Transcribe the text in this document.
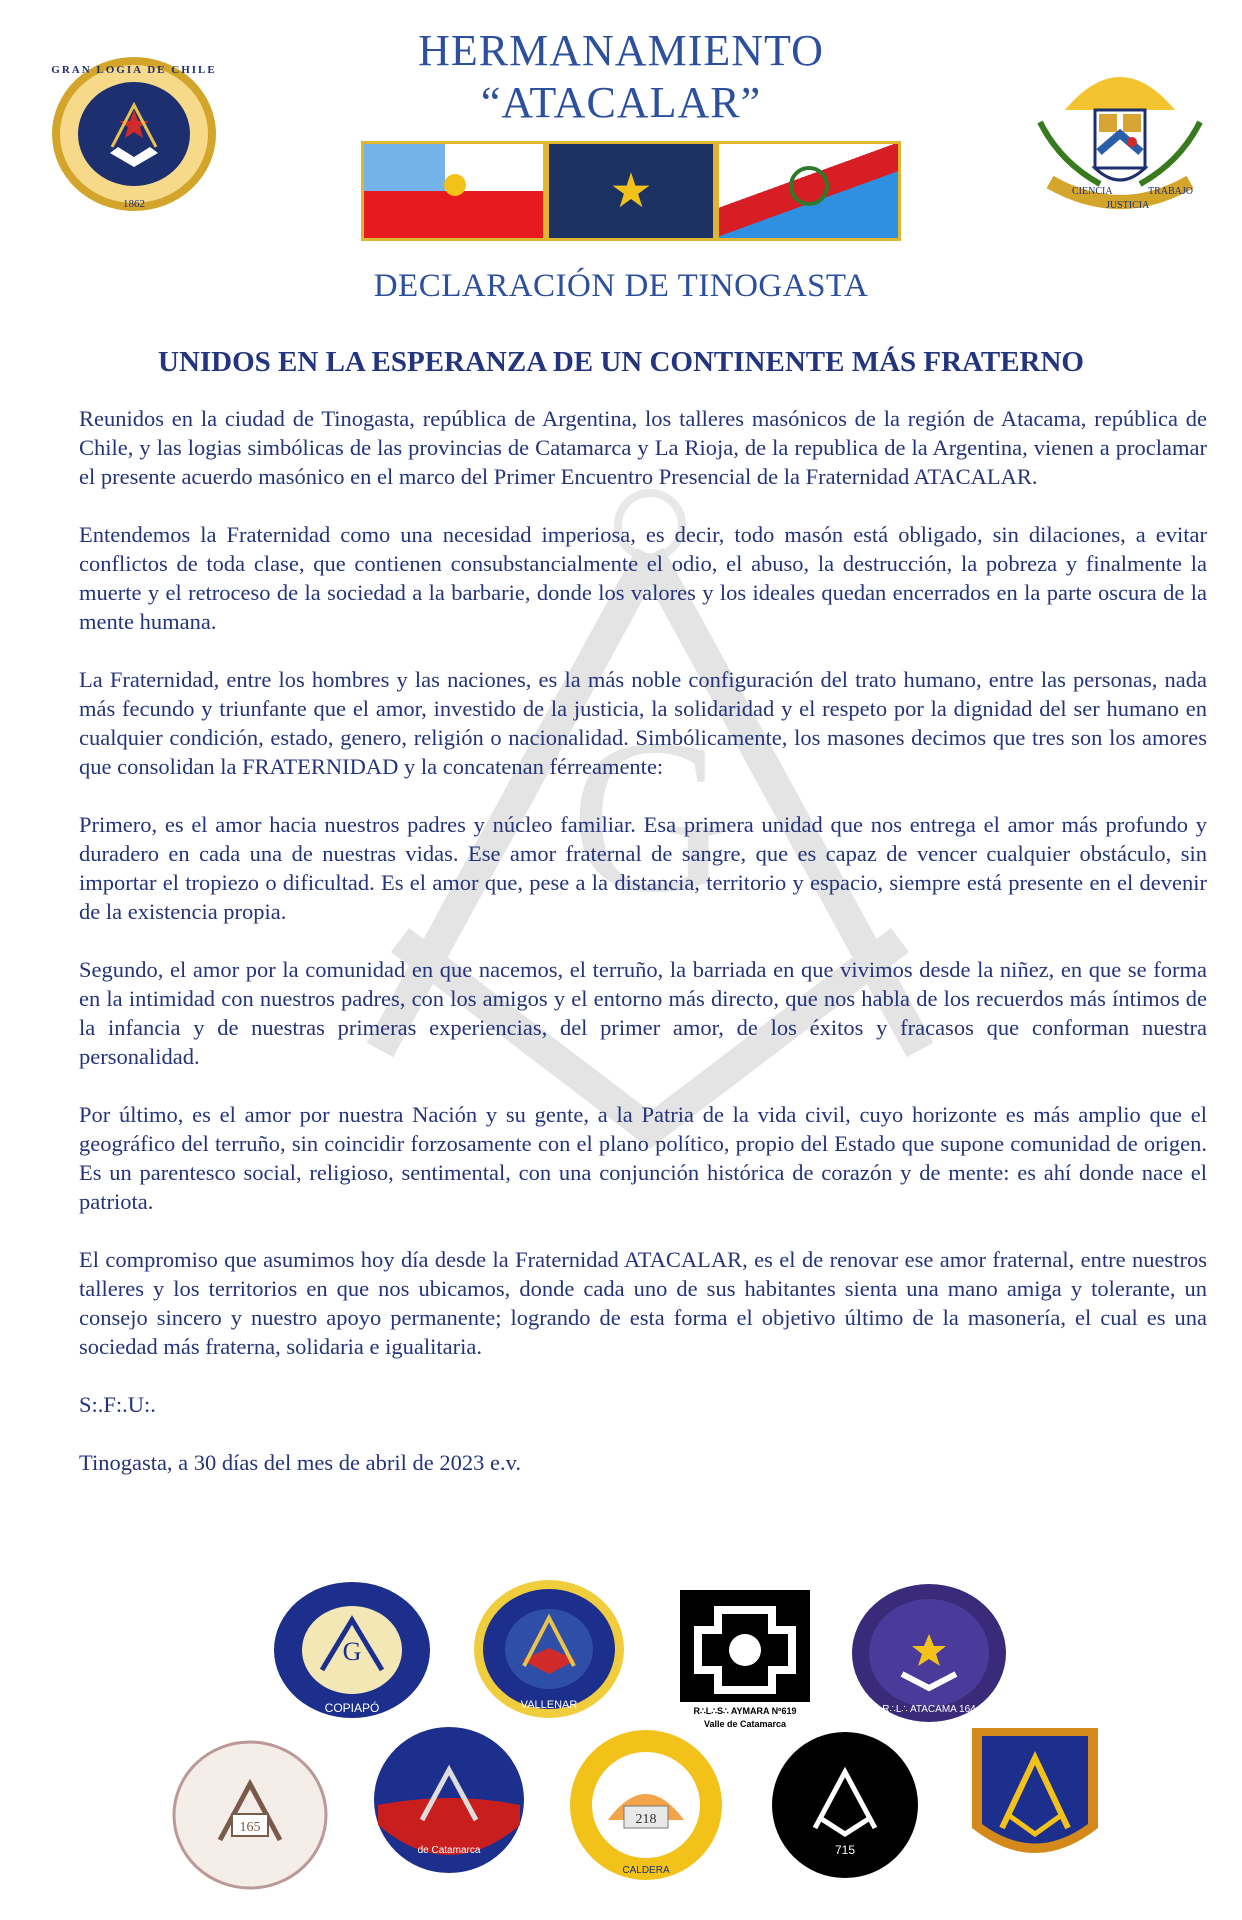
1862
GRAN LOGIA DE CHILE
CIENCIA
JUSTICIA
TRABAJO
HERMANAMIENTO
“ATACALAR”
★
DECLARACIÓN DE TINOGASTA
UNIDOS EN LA ESPERANZA DE UN CONTINENTE MÁS FRATERNO
G

Reunidos en la ciudad de Tinogasta, república de Argentina, los talleres masónicos de la región de Atacama, república de Chile, y las logias simbólicas de las provincias de Catamarca y La Rioja, de la republica de la Argentina, vienen a proclamar el presente acuerdo masónico en el marco del Primer Encuentro Presencial de la Fraternidad ATACALAR.

Entendemos la Fraternidad como una necesidad imperiosa, es decir, todo masón está obligado, sin dilaciones, a evitar conflictos de toda clase, que contienen consubstancialmente el odio, el abuso, la destrucción, la pobreza y finalmente la muerte y el retroceso de la sociedad a la barbarie, donde los valores y los ideales quedan encerrados en la parte oscura de la mente humana.

La Fraternidad, entre los hombres y las naciones, es la más noble configuración del trato humano, entre las personas, nada más fecundo y triunfante que el amor, investido de la justicia, la solidaridad y el respeto por la dignidad del ser humano en cualquier condición, estado, genero, religión o nacionalidad. Simbólicamente, los masones decimos que tres son los amores que consolidan la FRATERNIDAD y la concatenan férreamente:

Primero, es el amor hacia nuestros padres y núcleo familiar. Esa primera unidad que nos entrega el amor más profundo y duradero en cada una de nuestras vidas. Ese amor fraternal de sangre, que es capaz de vencer cualquier obstáculo, sin importar el tropiezo o dificultad. Es el amor que, pese a la distancia, territorio y espacio, siempre está presente en el devenir de la existencia propia.

Segundo, el amor por la comunidad en que nacemos, el terruño, la barriada en que vivimos desde la niñez, en que se forma en la intimidad con nuestros padres, con los amigos y el entorno más directo, que nos habla de los recuerdos más íntimos de la infancia y de nuestras primeras experiencias, del primer amor, de los éxitos y fracasos que conforman nuestra personalidad.

Por último, es el amor por nuestra Nación y su gente, a la Patria de la vida civil, cuyo horizonte es más amplio que el geográfico del terruño, sin coincidir forzosamente con el plano político, propio del Estado que supone comunidad de origen. Es un parentesco social, religioso, sentimental, con una conjunción histórica de corazón y de mente: es ahí donde nace el patriota.

El compromiso que asumimos hoy día desde la Fraternidad ATACALAR, es el de renovar ese amor fraternal, entre nuestros talleres y los territorios en que nos ubicamos, donde cada uno de sus habitantes sienta una mano amiga y tolerante, un consejo sincero y nuestro apoyo permanente; logrando de esta forma el objetivo último de la masonería, el cual es una sociedad más fraterna, solidaria e igualitaria.

S:.F:.U:.

Tinogasta, a 30 días del mes de abril de 2023 e.v.

G
COPIAPÓ	VALLENAR	R∴L∴S∴ AYMARA Nº619
Valle de Catamarca
R∴L∴ ATACAMA 164
165
de Catamarca
218
CALDERA
715
